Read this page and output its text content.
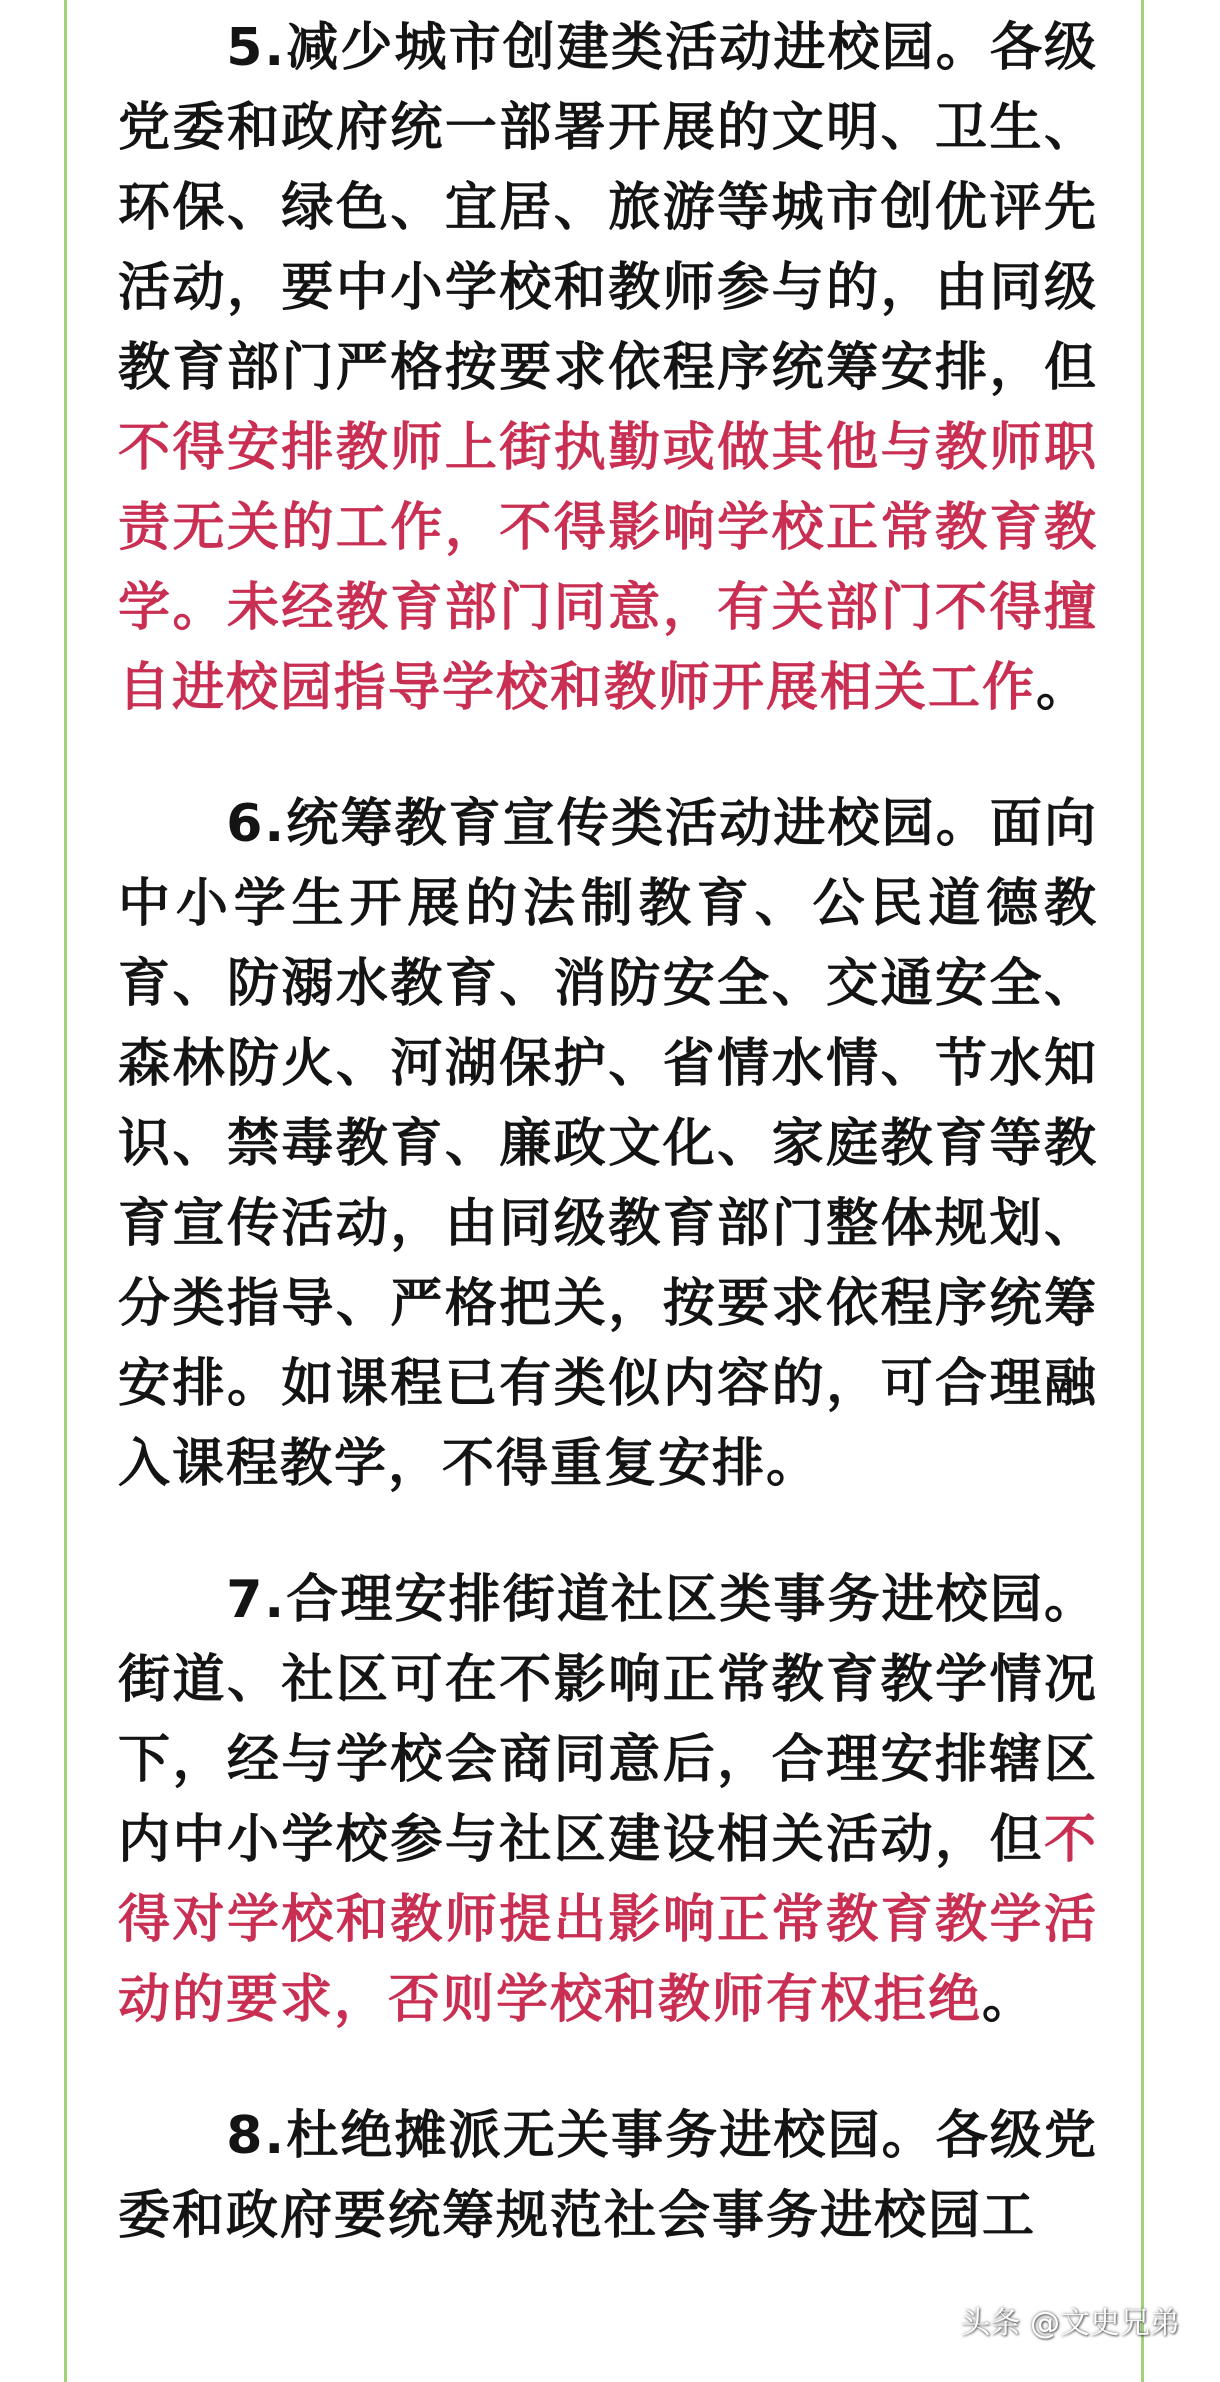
　　5.减少城市创建类活动进校园。各级党委和政府统一部署开展的文明、卫生、环保、绿色、宜居、旅游等城市创优评先活动，要中小学校和教师参与的，由同级教育部门严格按要求依程序统筹安排，但不得安排教师上街执勤或做其他与教师职责无关的工作，不得影响学校正常教育教学。未经教育部门同意，有关部门不得擅自进校园指导学校和教师开展相关工作。

　　6.统筹教育宣传类活动进校园。面向中小学生开展的法制教育、公民道德教育、防溺水教育、消防安全、交通安全、森林防火、河湖保护、省情水情、节水知识、禁毒教育、廉政文化、家庭教育等教育宣传活动，由同级教育部门整体规划、分类指导、严格把关，按要求依程序统筹安排。如课程已有类似内容的，可合理融入课程教学，不得重复安排。

　　7.合理安排街道社区类事务进校园。街道、社区可在不影响正常教育教学情况下，经与学校会商同意后，合理安排辖区内中小学校参与社区建设相关活动，但不得对学校和教师提出影响正常教育教学活动的要求，否则学校和教师有权拒绝。

　　8.杜绝摊派无关事务进校园。各级党委和政府要统筹规范社会事务进校园工

头条 @文史兄弟
